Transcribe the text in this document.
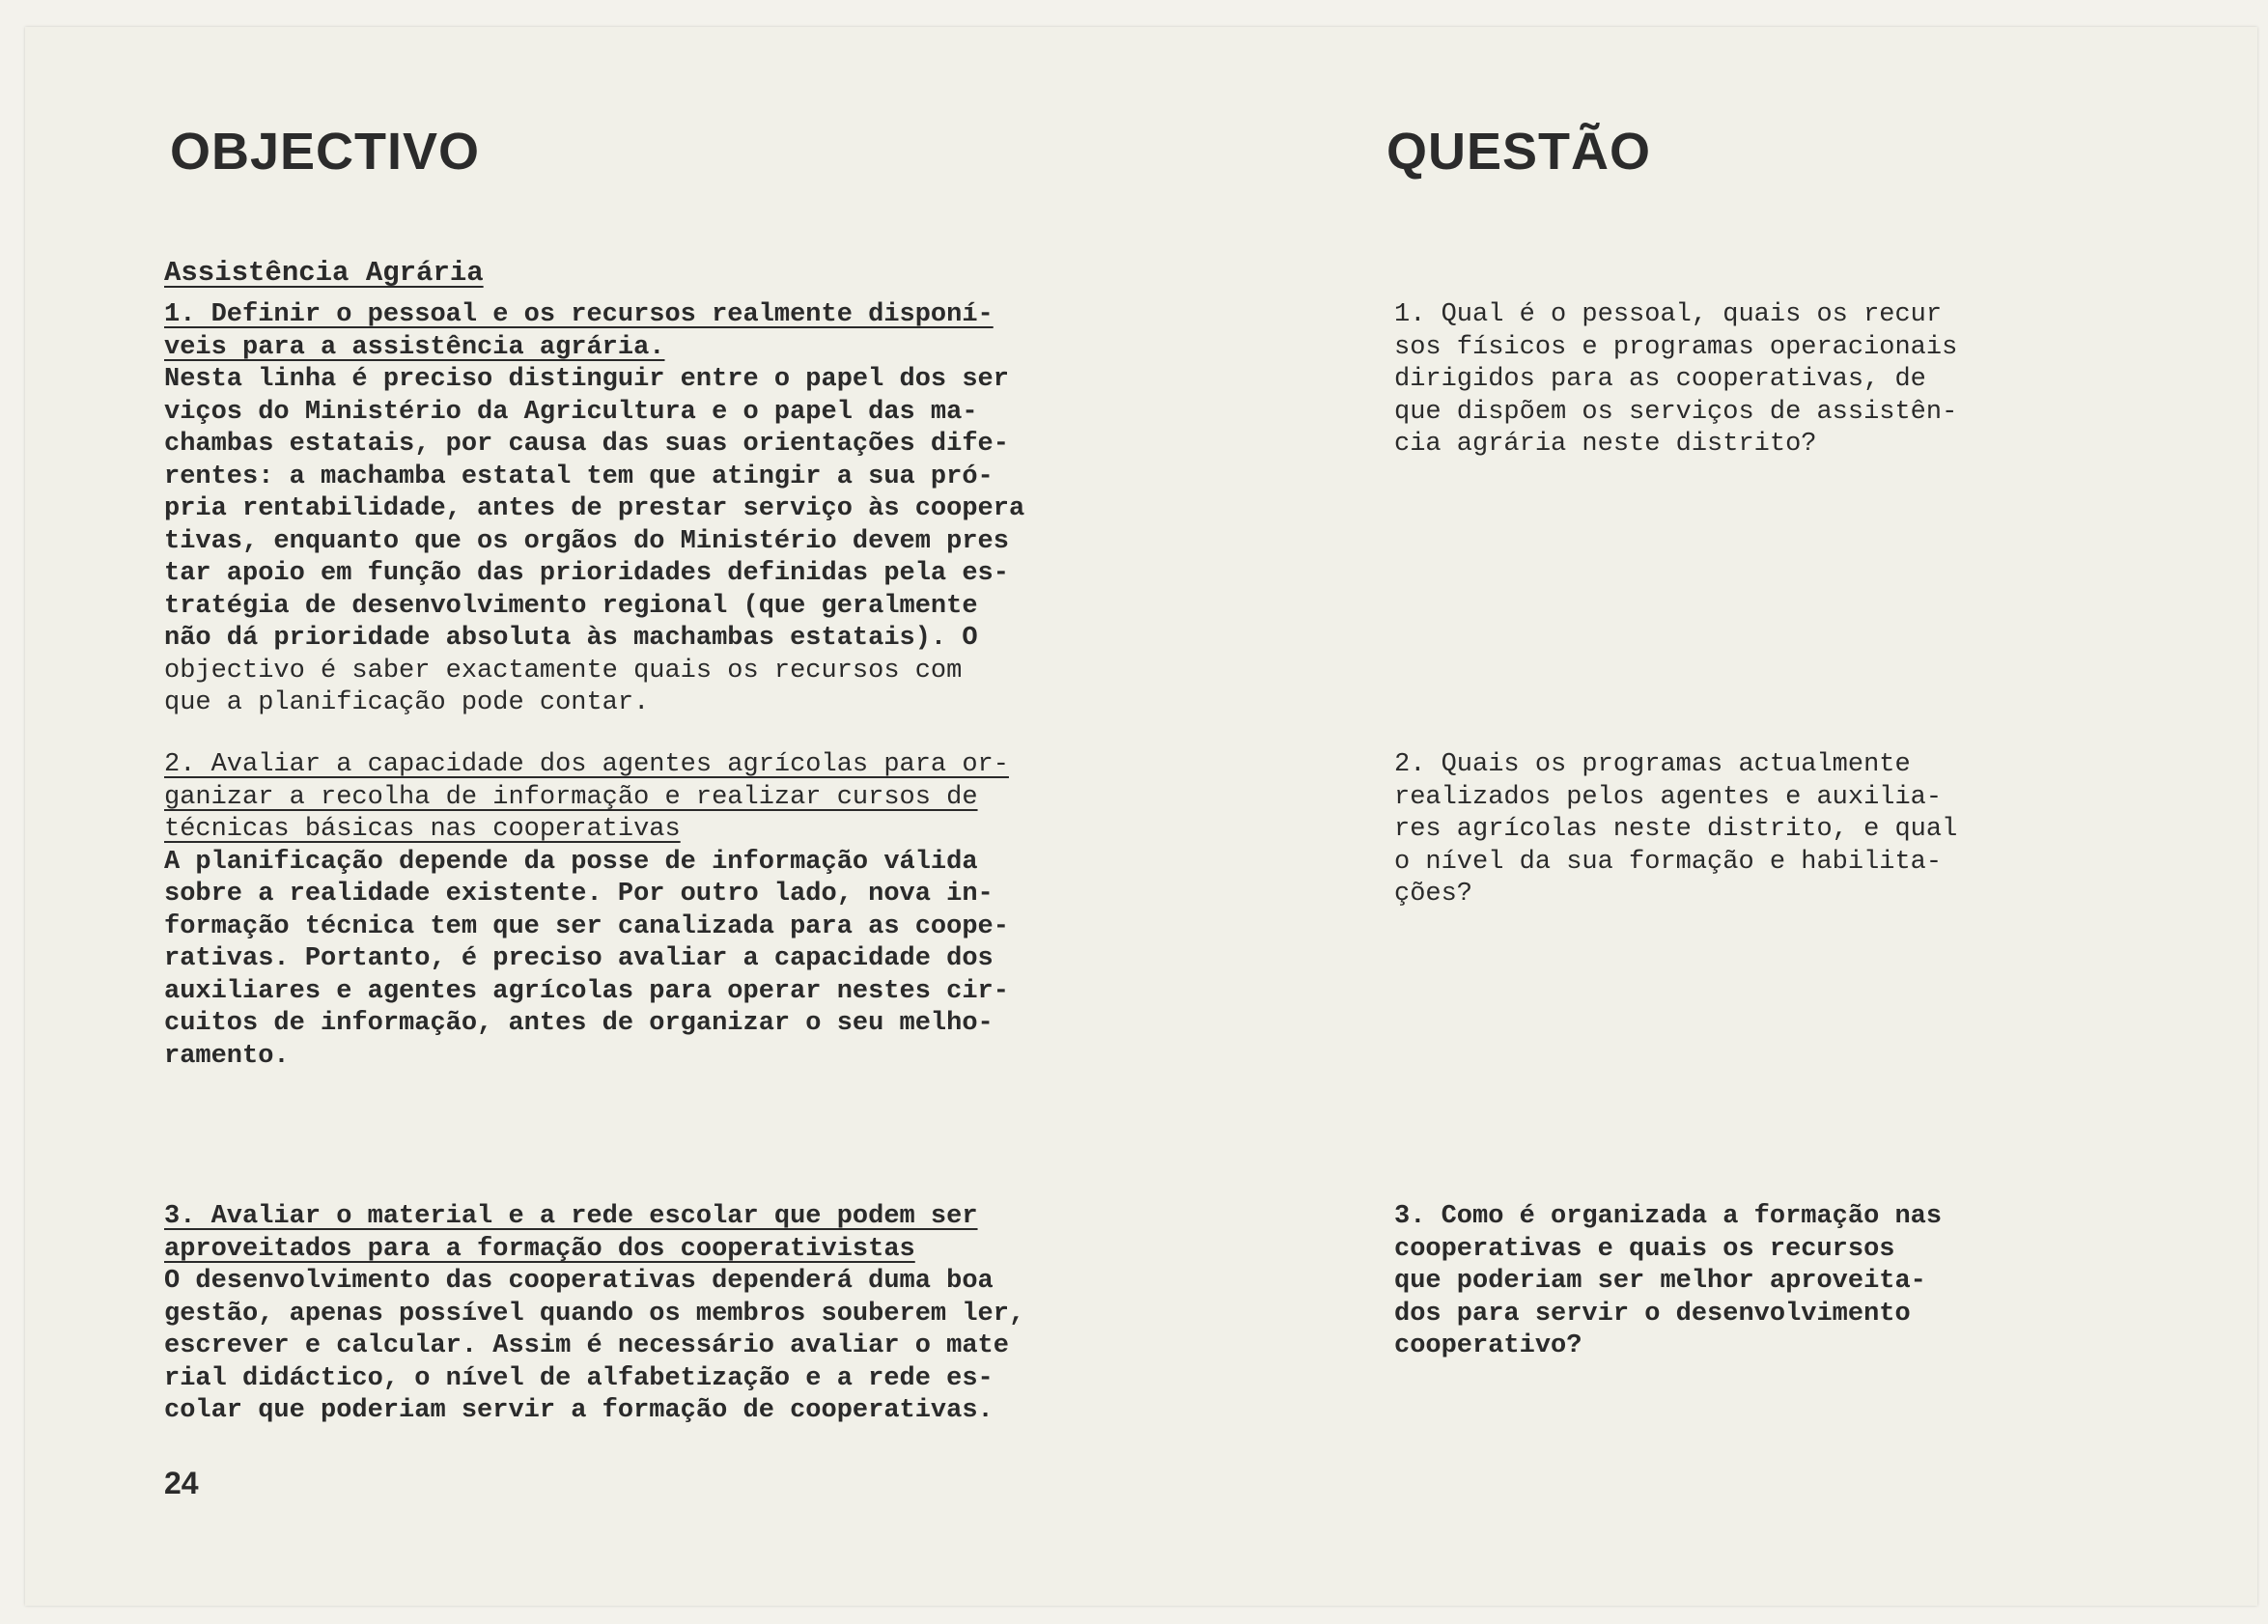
OBJECTIVO	QUESTÃO
Assistência Agrária
1. Definir o pessoal e os recursos realmente disponí-
veis para a assistência agrária.
Nesta linha é preciso distinguir entre o papel dos ser
viços do Ministério da Agricultura e o papel das ma-
chambas estatais, por causa das suas orientações dife-
rentes: a machamba estatal tem que atingir a sua pró-
pria rentabilidade, antes de prestar serviço às coopera
tivas, enquanto que os orgãos do Ministério devem pres
tar apoio em função das prioridades definidas pela es-
tratégia de desenvolvimento regional (que geralmente
não dá prioridade absoluta às machambas estatais). O
objectivo é saber exactamente quais os recursos com
que a planificação pode contar.
2. Avaliar a capacidade dos agentes agrícolas para or-
ganizar a recolha de informação e realizar cursos de
técnicas básicas nas cooperativas
A planificação depende da posse de informação válida
sobre a realidade existente. Por outro lado, nova in-
formação técnica tem que ser canalizada para as coope-
rativas. Portanto, é preciso avaliar a capacidade dos
auxiliares e agentes agrícolas para operar nestes cir-
cuitos de informação, antes de organizar o seu melho-
ramento.
3. Avaliar o material e a rede escolar que podem ser
aproveitados para a formação dos cooperativistas
O desenvolvimento das cooperativas dependerá duma boa
gestão, apenas possível quando os membros souberem ler,
escrever e calcular. Assim é necessário avaliar o mate
rial didáctico, o nível de alfabetização e a rede es-
colar que poderiam servir a formação de cooperativas.
1. Qual é o pessoal, quais os recur
sos físicos e programas operacionais
dirigidos para as cooperativas, de
que dispõem os serviços de assistên-
cia agrária neste distrito?
2. Quais os programas actualmente
realizados pelos agentes e auxilia-
res agrícolas neste distrito, e qual
o nível da sua formação e habilita-
ções?
3. Como é organizada a formação nas
cooperativas e quais os recursos
que poderiam ser melhor aproveita-
dos para servir o desenvolvimento
cooperativo?
24
